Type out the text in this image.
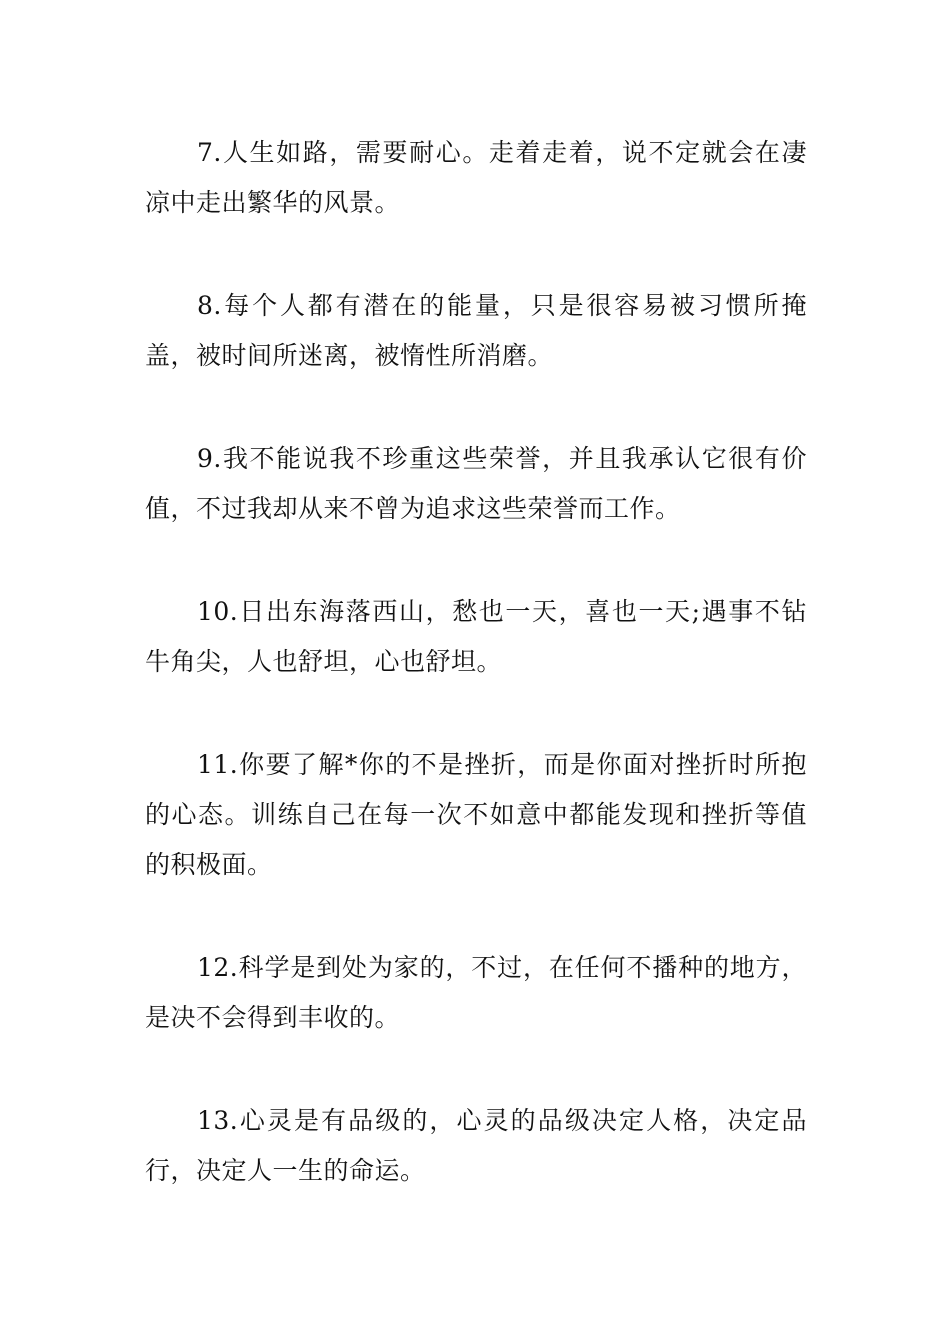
7.人生如路，需要耐心。走着走着，说不定就会在凄凉中走出繁华的风景。

8.每个人都有潜在的能量，只是很容易被习惯所掩盖，被时间所迷离，被惰性所消磨。

9.我不能说我不珍重这些荣誉，并且我承认它很有价值，不过我却从来不曾为追求这些荣誉而工作。

10.日出东海落西山，愁也一天，喜也一天;遇事不钻牛角尖，人也舒坦，心也舒坦。

11.你要了解*你的不是挫折，而是你面对挫折时所抱的心态。训练自己在每一次不如意中都能发现和挫折等值的积极面。

12.科学是到处为家的，不过，在任何不播种的地方，是决不会得到丰收的。

13.心灵是有品级的，心灵的品级决定人格，决定品行，决定人一生的命运。
